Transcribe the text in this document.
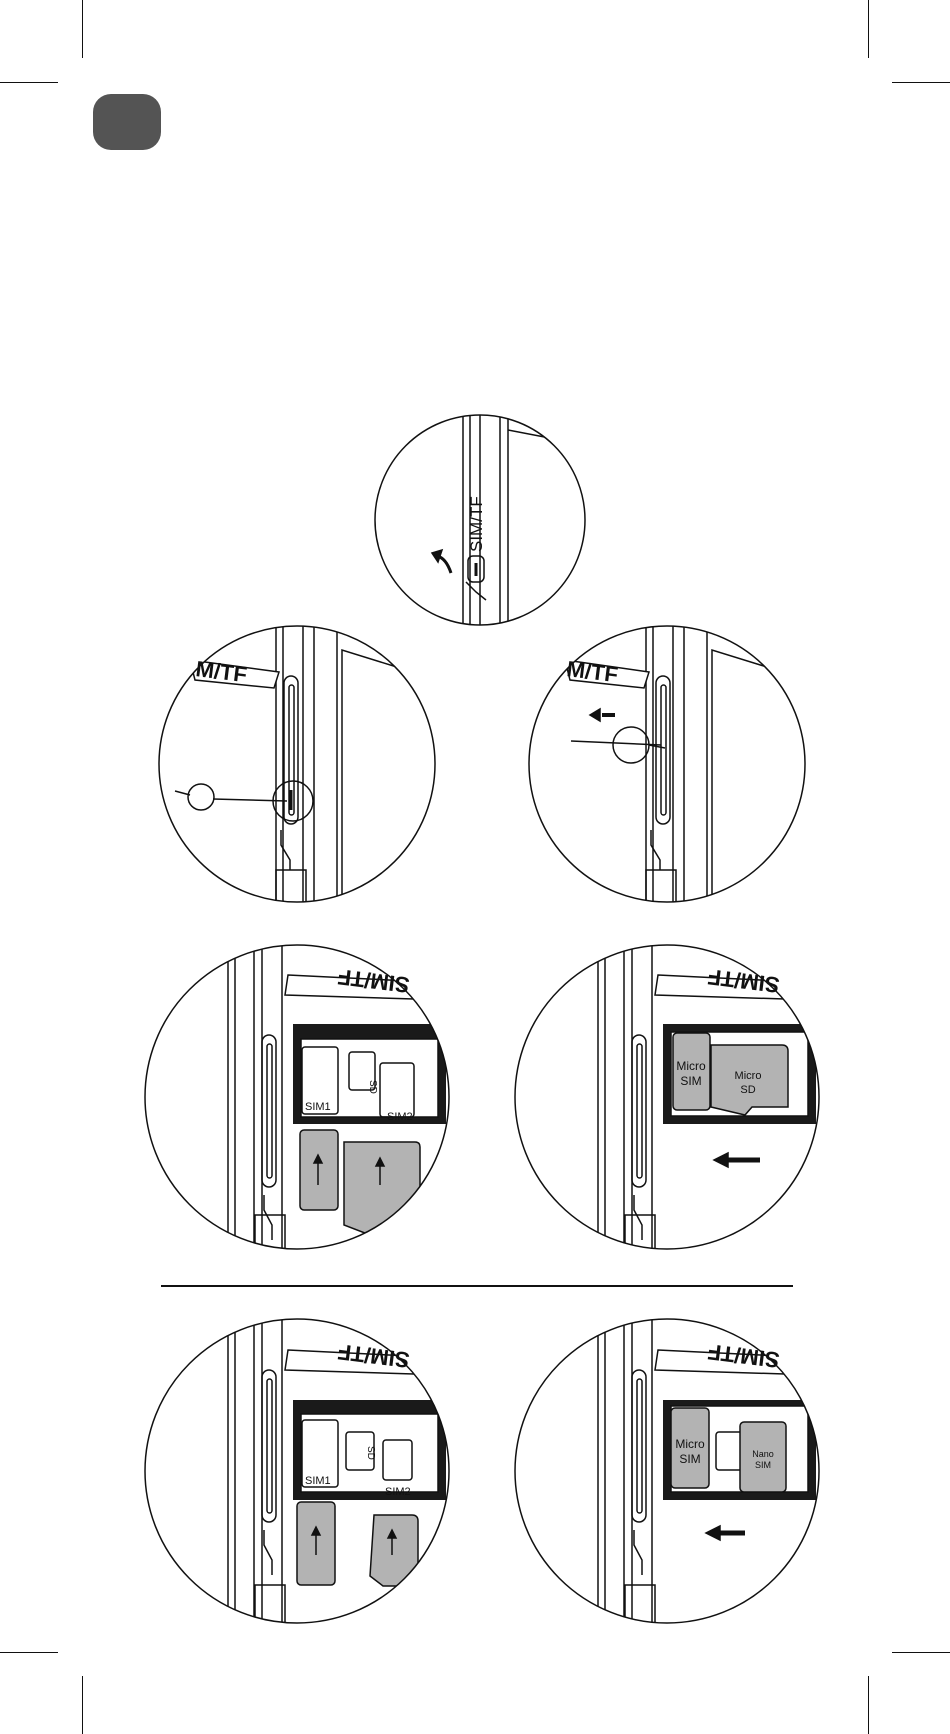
SIM/TF
M/TF	M/TF
SIM/TF
SIM1
SIM2
SD
SIM/TF
Micro
SIM	Micro
SD
SIM/TF
SIM1
SIM2
SD
SIM/TF
Micro
SIM	Nano
SIM
